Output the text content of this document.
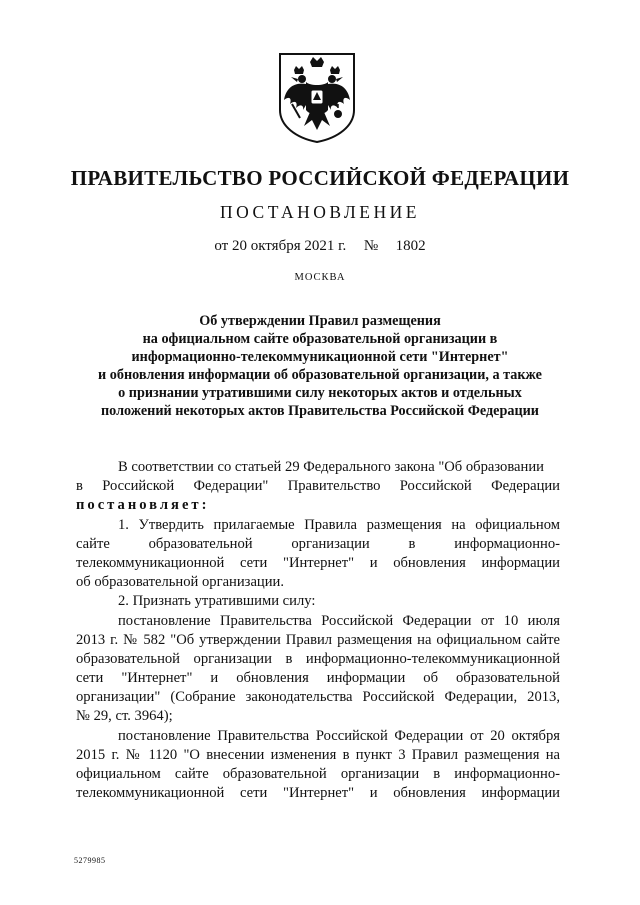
ПРАВИТЕЛЬСТВО РОССИЙСКОЙ ФЕДЕРАЦИИ
ПОСТАНОВЛЕНИЕ
от 20 октября 2021 г. № 1802
МОСКВА
Об утверждении Правил размещения
на официальном сайте образовательной организации в
информационно-телекоммуникационной сети "Интернет"
и обновления информации об образовательной организации, а также
о признании утратившими силу некоторых актов и отдельных
положений некоторых актов Правительства Российской Федерации
В соответствии со статьей 29 Федерального закона "Об образовании
в Российской Федерации" Правительство Российской Федерации
постановляет:
1. Утвердить прилагаемые Правила размещения на официальном
сайте образовательной организации в информационно-
телекоммуникационной сети "Интернет" и обновления информации
об образовательной организации.
2. Признать утратившими силу:
постановление Правительства Российской Федерации от 10 июля
2013 г. № 582 "Об утверждении Правил размещения на официальном сайте
образовательной организации в информационно-телекоммуникационной
сети "Интернет" и обновления информации об образовательной
организации" (Собрание законодательства Российской Федерации, 2013,
№ 29, ст. 3964);
постановление Правительства Российской Федерации от 20 октября
2015 г. № 1120 "О внесении изменения в пункт 3 Правил размещения на
официальном сайте образовательной организации в информационно-
телекоммуникационной сети "Интернет" и обновления информации
5279985
